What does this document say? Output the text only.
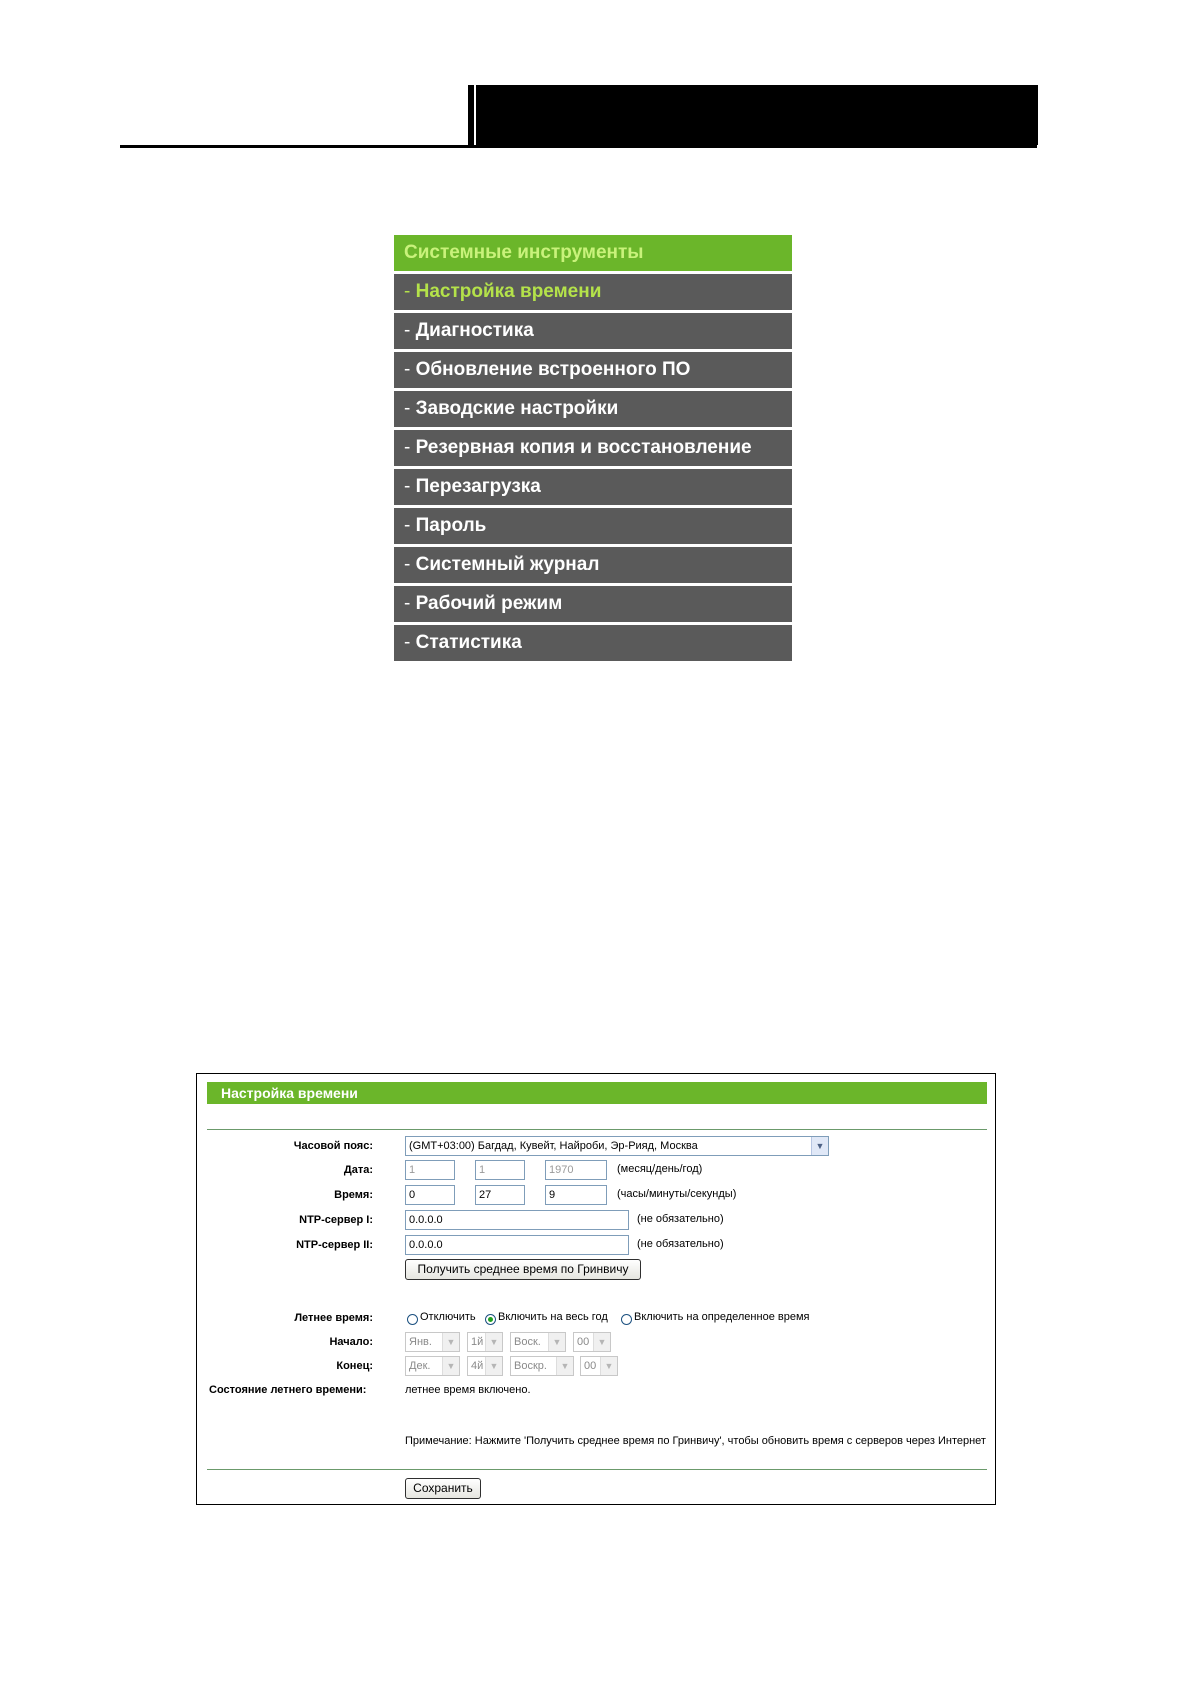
Системные инструменты
- Настройка времени
- Диагностика
- Обновление встроенного ПО
- Заводские настройки
- Резервная копия и восстановление
- Перезагрузка
- Пароль
- Системный журнал
- Рабочий режим
- Статистика
Настройка времени
Часовой пояс:	(GMT+03:00) Багдад, Кувейт, Найроби, Эр-Рияд, Москва	▼
Дата:	1	1	1970	(месяц/день/год)
Время:	0	27	9	(часы/минуты/секунды)
NTP-сервер I:	0.0.0.0	(не обязательно)
NTP-сервер II:	0.0.0.0	(не обязательно)
Получить среднее время по Гринвичу
Летнее время:	Отключить Включить на весь год Включить на определенное время
Начало:	Янв.	▼	1й ▼	Воск.	▼	00 ▼
Конец:	Дек.	▼	4й ▼	Воскр.	▼	00 ▼
Состояние летнего времени:	летнее время включено.
Примечание: Нажмите 'Получить среднее время по Гринвичу', чтобы обновить время с серверов через Интернет
Сохранить
